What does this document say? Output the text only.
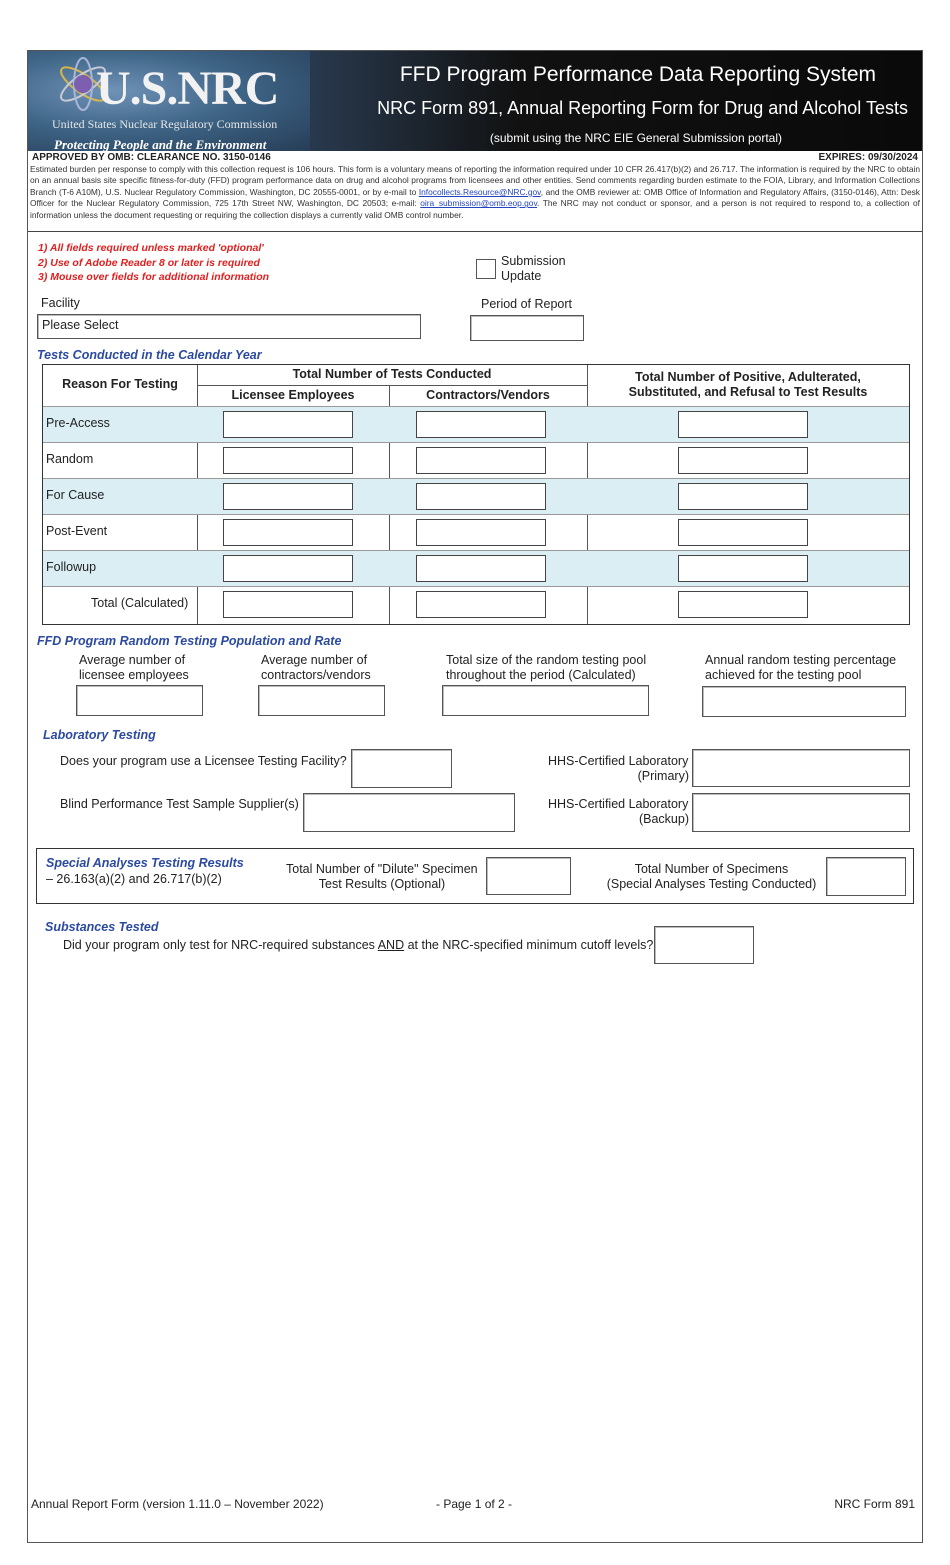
U.S.NRC
United States Nuclear Regulatory Commission
Protecting People and the Environment
FFD Program Performance Data Reporting System
NRC Form 891, Annual Reporting Form for Drug and Alcohol Tests
(submit using the NRC EIE General Submission portal)
APPROVED BY OMB: CLEARANCE NO. 3150-0146	EXPIRES: 09/30/2024
Estimated burden per response to comply with this collection request is 106 hours. This form is a voluntary means of reporting the information required under 10 CFR 26.417(b)(2) and 26.717. The information is required by the NRC to obtain on an annual basis site specific fitness-for-duty (FFD) program performance data on drug and alcohol programs from licensees and other entities. Send comments regarding burden estimate to the FOIA, Library, and Information Collections Branch (T-6 A10M), U.S. Nuclear Regulatory Commission, Washington, DC 20555-0001, or by e-mail to Infocollects.Resource@NRC.gov, and the OMB reviewer at: OMB Office of Information and Regulatory Affairs, (3150-0146), Attn: Desk Officer for the Nuclear Regulatory Commission, 725 17th Street NW, Washington, DC 20503; e-mail: oira_submission@omb.eop.gov. The NRC may not conduct or sponsor, and a person is not required to respond to, a collection of information unless the document requesting or requiring the collection displays a currently valid OMB control number.
1) All fields required unless marked 'optional'
2) Use of Adobe Reader 8 or later is required
3) Mouse over fields for additional information
Submission
Update
Facility
Please Select
Period of Report
Tests Conducted in the Calendar Year
Reason For Testing
Total Number of Tests Conducted
Licensee Employees	Contractors/Vendors
Total Number of Positive, Adulterated,
Substituted, and Refusal to Test Results
Pre-Access
Random
For Cause
Post-Event
Followup
Total (Calculated)
FFD Program Random Testing Population and Rate
Average number of
licensee employees
Average number of
contractors/vendors
Total size of the random testing pool
throughout the period (Calculated)
Annual random testing percentage
achieved for the testing pool
Laboratory Testing
Does your program use a Licensee Testing Facility?	HHS-Certified Laboratory
(Primary)
Blind Performance Test Sample Supplier(s)	HHS-Certified Laboratory
(Backup)
Special Analyses Testing Results
– 26.163(a)(2) and 26.717(b)(2)
Total Number of "Dilute" Specimen
Test Results (Optional)
Total Number of Specimens
(Special Analyses Testing Conducted)
Substances Tested
Did your program only test for NRC-required substances AND at the NRC-specified minimum cutoff levels?
Annual Report Form (version 1.11.0 – November 2022)	- Page 1 of 2 -	NRC Form 891
